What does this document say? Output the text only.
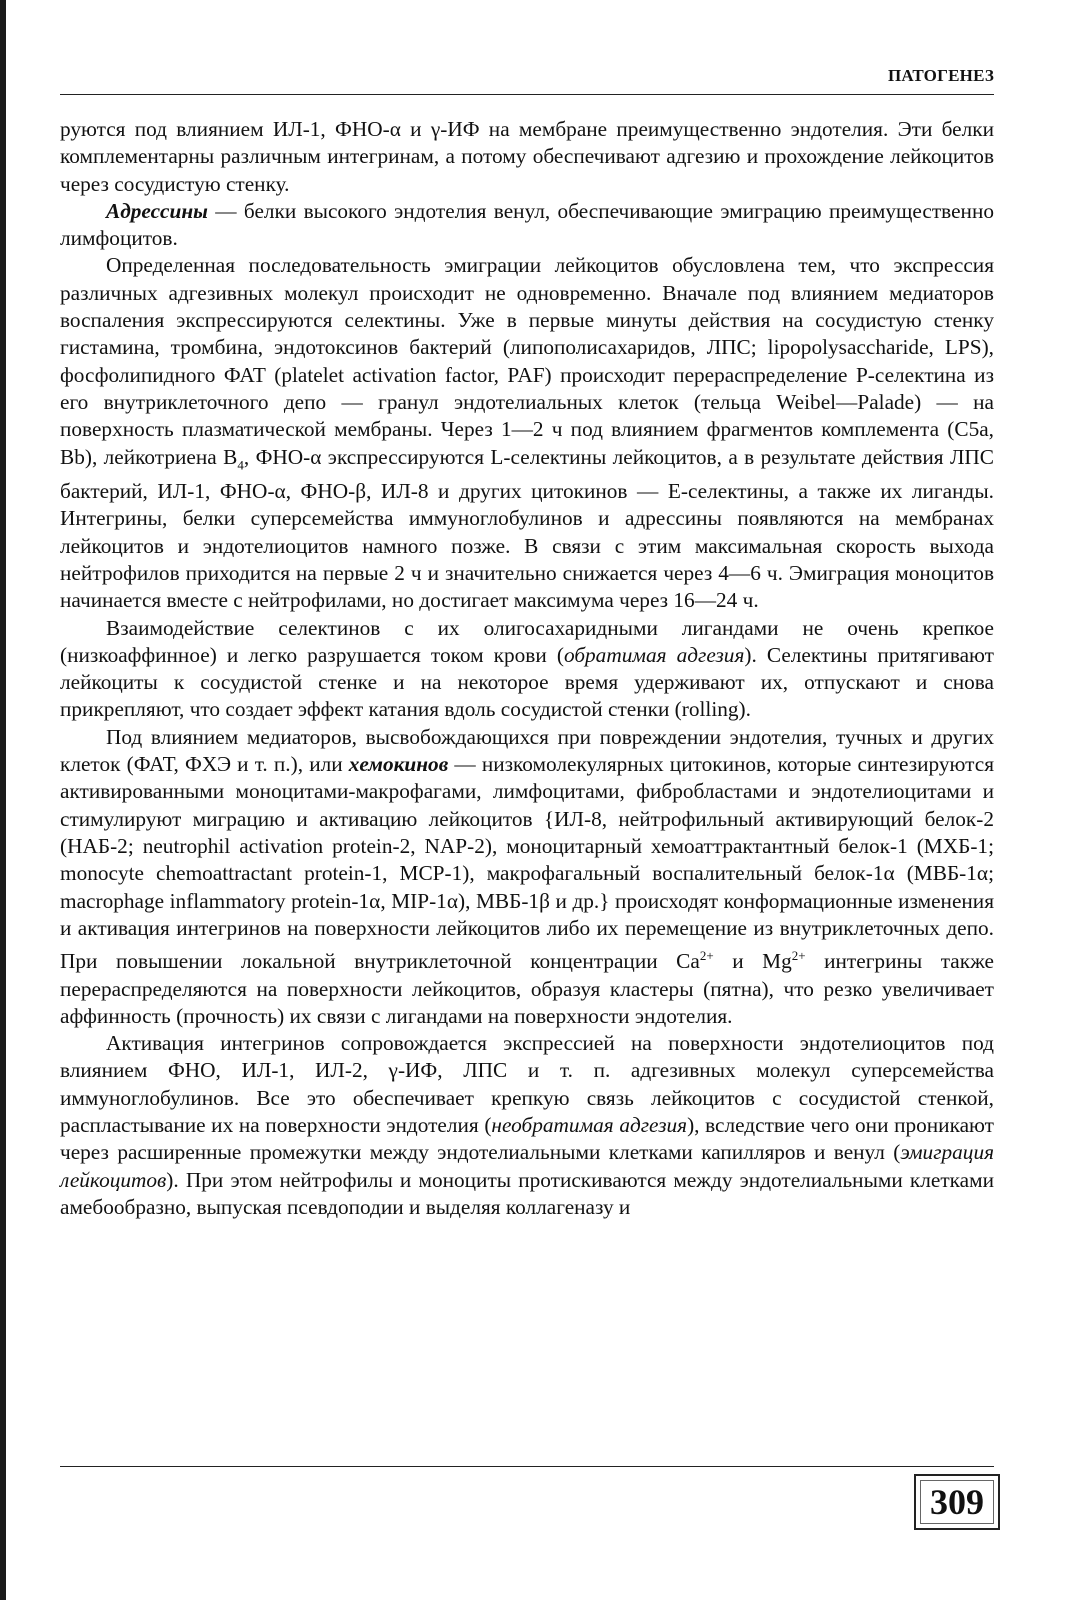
ПАТОГЕНЕЗ

руются под влиянием ИЛ-1, ФНО-α и γ-ИФ на мембране преимущественно эндотелия. Эти белки комплементарны различным интегринам, а потому обеспечивают адгезию и прохождение лейкоцитов через сосудистую стенку.

Адрессины — белки высокого эндотелия венул, обеспечивающие эмиграцию преимущественно лимфоцитов.

Определенная последовательность эмиграции лейкоцитов обусловлена тем, что экспрессия различных адгезивных молекул происходит не одновременно. Вначале под влиянием медиаторов воспаления экспрессируются селектины. Уже в первые минуты действия на сосудистую стенку гистамина, тромбина, эндотоксинов бактерий (липополисахаридов, ЛПС; lipopolysaccharide, LPS), фосфолипидного ФАТ (platelet activation factor, PAF) происходит перераспределение Р-селектина из его внутриклеточного депо — гранул эндотелиальных клеток (тельца Weibel—Palade) — на поверхность плазматической мембраны. Через 1—2 ч под влиянием фрагментов комплемента (С5а, Bb), лейкотриена $B_4$, ФНО-α экспрессируются L-селектины лейкоцитов, а в результате действия ЛПС бактерий, ИЛ-1, ФНО-α, ФНО-β, ИЛ-8 и других цитокинов — Е-селектины, а также их лиганды. Интегрины, белки суперсемейства иммуноглобулинов и адрессины появляются на мембранах лейкоцитов и эндотелиоцитов намного позже. В связи с этим максимальная скорость выхода нейтрофилов приходится на первые 2 ч и значительно снижается через 4—6 ч. Эмиграция моноцитов начинается вместе с нейтрофилами, но достигает максимума через 16—24 ч.

Взаимодействие селектинов с их олигосахаридными лигандами не очень крепкое (низкоаффинное) и легко разрушается током крови (обратимая адгезия). Селектины притягивают лейкоциты к сосудистой стенке и на некоторое время удерживают их, отпускают и снова прикрепляют, что создает эффект катания вдоль сосудистой стенки (rolling).

Под влиянием медиаторов, высвобождающихся при повреждении эндотелия, тучных и других клеток (ФАТ, ФХЭ и т. п.), или хемокинов — низкомолекулярных цитокинов, которые синтезируются активированными моноцитами-макрофагами, лимфоцитами, фибробластами и эндотелиоцитами и стимулируют миграцию и активацию лейкоцитов {ИЛ-8, нейтрофильный активирующий белок-2 (НАБ-2; neutrophil activation protein-2, NAP-2), моноцитарный хемоаттрактантный белок-1 (МХБ-1; monocyte chemoattractant protein-1, MCP-1), макрофагальный воспалительный белок-1α (МВБ-1α; macrophage inflammatory protein-1α, MIP-1α), МВБ-1β и др.} происходят конформационные изменения и активация интегринов на поверхности лейкоцитов либо их перемещение из внутриклеточных депо. При повышении локальной внутриклеточной концентрации $Са^{2+}$ и $Mg^{2+}$ интегрины также перераспределяются на поверхности лейкоцитов, образуя кластеры (пятна), что резко увеличивает аффинность (прочность) их связи с лигандами на поверхности эндотелия.

Активация интегринов сопровождается экспрессией на поверхности эндотелиоцитов под влиянием ФНО, ИЛ-1, ИЛ-2, γ-ИФ, ЛПС и т. п. адгезивных молекул суперсемейства иммуноглобулинов. Все это обеспечивает крепкую связь лейкоцитов с сосудистой стенкой, распластывание их на поверхности эндотелия (необратимая адгезия), вследствие чего они проникают через расширенные промежутки между эндотелиальными клетками капилляров и венул (эмиграция лейкоцитов). При этом нейтрофилы и моноциты протискиваются между эндотелиальными клетками амебообразно, выпуская псевдоподии и выделяя коллагеназу и

309
